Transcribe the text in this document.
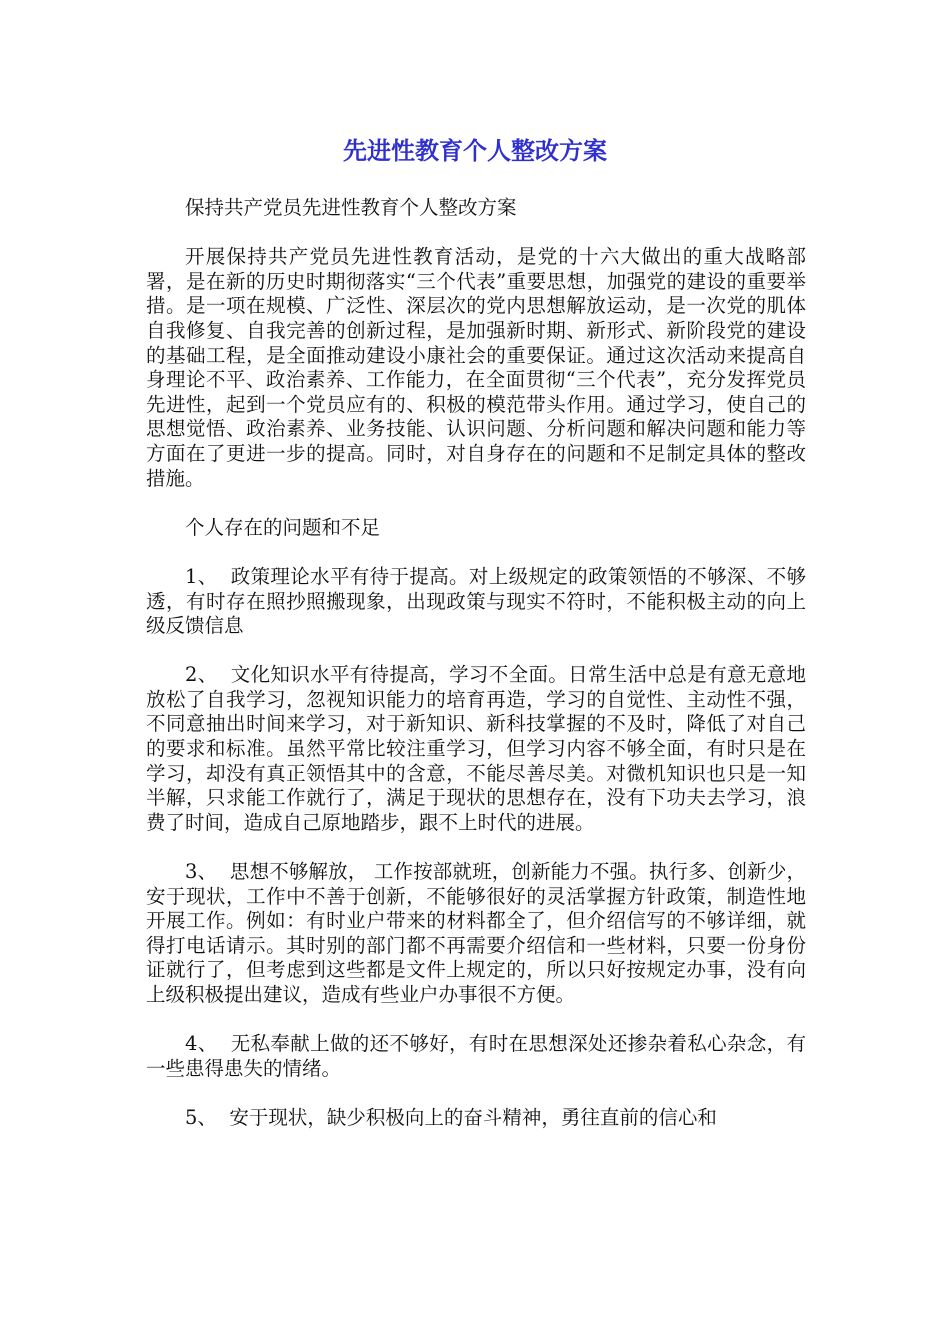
先进性教育个人整改方案

保持共产党员先进性教育个人整改方案

开展保持共产党员先进性教育活动，是党的十六大做出的重大战略部署，是在新的历史时期彻落实“三个代表”重要思想，加强党的建设的重要举措。是一项在规模、广泛性、深层次的党内思想解放运动，是一次党的肌体自我修复、自我完善的创新过程，是加强新时期、新形式、新阶段党的建设的基础工程，是全面推动建设小康社会的重要保证。通过这次活动来提高自身理论不平、政治素养、工作能力，在全面贯彻“三个代表”，充分发挥党员先进性，起到一个党员应有的、积极的模范带头作用。通过学习，使自己的思想觉悟、政治素养、业务技能、认识问题、分析问题和解决问题和能力等方面在了更进一步的提高。同时，对自身存在的问题和不足制定具体的整改措施。

个人存在的问题和不足

1、 政策理论水平有待于提高。对上级规定的政策领悟的不够深、不够透，有时存在照抄照搬现象，出现政策与现实不符时，不能积极主动的向上级反馈信息

2、 文化知识水平有待提高，学习不全面。日常生活中总是有意无意地放松了自我学习，忽视知识能力的培育再造，学习的自觉性、主动性不强，不同意抽出时间来学习，对于新知识、新科技掌握的不及时，降低了对自己的要求和标准。虽然平常比较注重学习，但学习内容不够全面，有时只是在学习，却没有真正领悟其中的含意，不能尽善尽美。对微机知识也只是一知半解，只求能工作就行了，满足于现状的思想存在，没有下功夫去学习，浪费了时间，造成自己原地踏步，跟不上时代的进展。

3、 思想不够解放， 工作按部就班，创新能力不强。执行多、创新少，安于现状，工作中不善于创新，不能够很好的灵活掌握方针政策，制造性地开展工作。例如：有时业户带来的材料都全了，但介绍信写的不够详细，就得打电话请示。其时别的部门都不再需要介绍信和一些材料，只要一份身份证就行了，但考虑到这些都是文件上规定的，所以只好按规定办事，没有向上级积极提出建议，造成有些业户办事很不方便。

4、 无私奉献上做的还不够好，有时在思想深处还掺杂着私心杂念，有一些患得患失的情绪。

5、 安于现状，缺少积极向上的奋斗精神，勇往直前的信心和
